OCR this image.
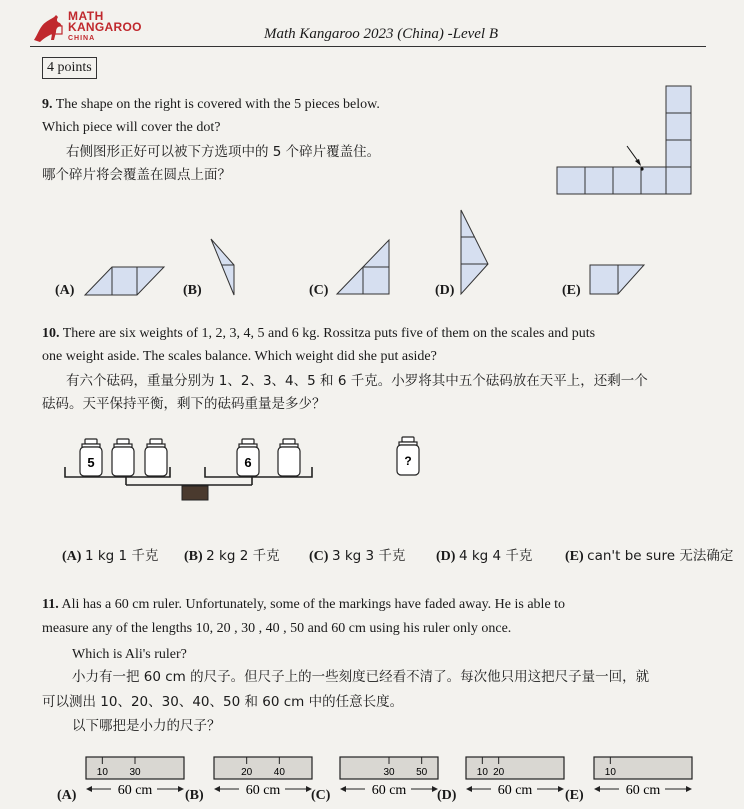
MATH
KANGAROO
CHINA	Math Kangaroo 2023 (China) -Level B
4 points
9. The shape on the right is covered with the 5 pieces below.
Which piece will cover the dot?
右侧图形正好可以被下方选项中的 5 个碎片覆盖住。
哪个碎片将会覆盖在圆点上面？
(A)	(B)	(C)	(D)	(E)
10. There are six weights of 1, 2, 3, 4, 5 and 6 kg. Rossitza puts five of them on the scales and puts
one weight aside. The scales balance. Which weight did she put aside?
有六个砝码，重量分别为 1、2、3、4、5 和 6 千克。小罗将其中五个砝码放在天平上，还剩一个
砝码。天平保持平衡，剩下的砝码重量是多少？
5	6	?
(A) 1 kg 1 千克 (B) 2 kg 2 千克 (C) 3 kg 3 千克 (D) 4 kg 4 千克 (E) can't be sure 无法确定
11. Ali has a 60 cm ruler. Unfortunately, some of the markings have faded away. He is able to
measure any of the lengths 10, 20 , 30 , 40 , 50 and 60 cm using his ruler only once.
Which is Ali's ruler?
小力有一把 60 cm 的尺子。但尺子上的一些刻度已经看不清了。每次他只用这把尺子量一回，就
可以测出 10、20、30、40、50 和 60 cm 中的任意长度。
以下哪把是小力的尺子？
(A)
10 30
60 cm (B)
20 40
60 cm (C)
30 50
60 cm (D)
10 20
60 cm (E)
10
60 cm
